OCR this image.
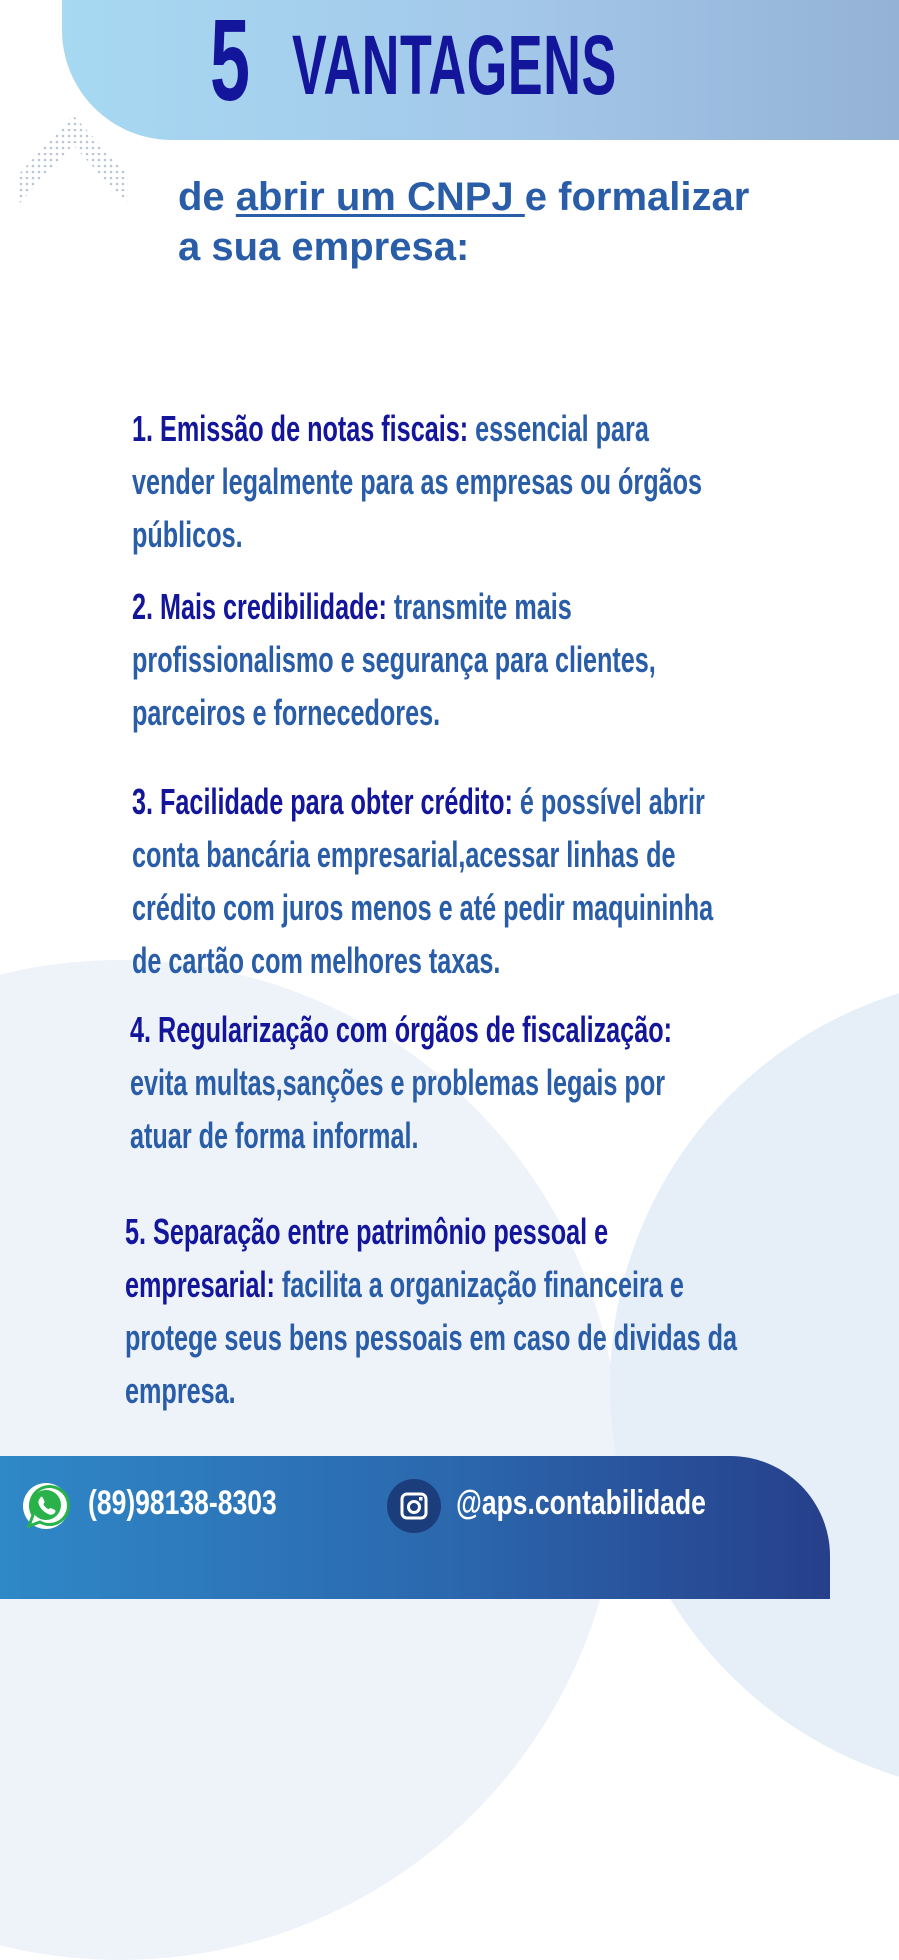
5 VANTAGENS
de abrir um CNPJ e formalizar
a sua empresa:
1. Emissão de notas fiscais: essencial para
vender legalmente para as empresas ou órgãos
públicos.
2. Mais credibilidade: transmite mais
profissionalismo e segurança para clientes,
parceiros e fornecedores.
3. Facilidade para obter crédito: é possível abrir
conta bancária empresarial,acessar linhas de
crédito com juros menos e até pedir maquininha
de cartão com melhores taxas.
4. Regularização com órgãos de fiscalização:
evita multas,sanções e problemas legais por
atuar de forma informal.
5. Separação entre patrimônio pessoal e
empresarial: facilita a organização financeira e
protege seus bens pessoais em caso de dividas da
empresa.
(89)98138-8303	@aps.contabilidade
